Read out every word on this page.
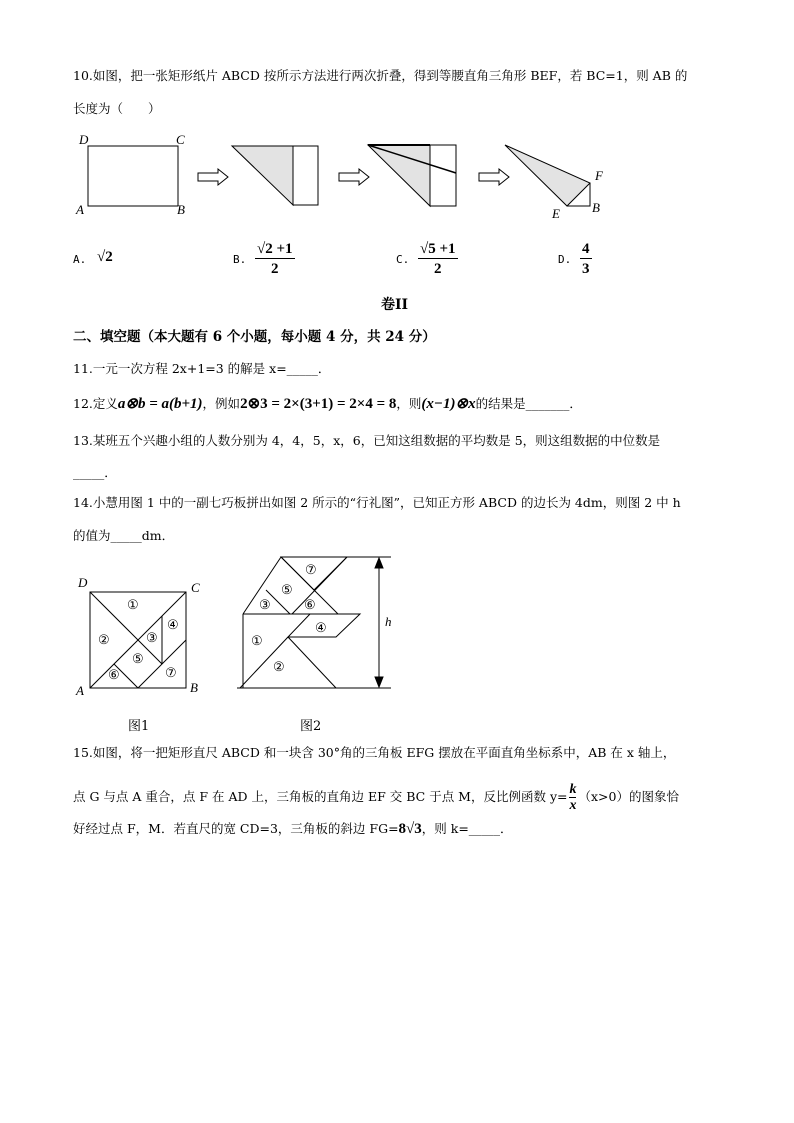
10.如图，把一张矩形纸片 ABCD 按所示方法进行两次折叠，得到等腰直角三角形 BEF，若 BC=1，则 AB 的
长度为（　　）
D	C
A	B
F
E B
A. √2	B. $\frac{√2 +1}{2}$	C. $\frac{√5 +1}{2}$	D. $\frac{4}{3}$
卷II
二、填空题（本大题有 6 个小题，每小题 4 分，共 24 分）
11.一元一次方程 2x+1=3 的解是 x=_____．
12.定义a⊗b = a(b+1)，例如2⊗3 = 2×(3+1) = 2×4 = 8，则(x−1)⊗x的结果是_______．
13.某班五个兴趣小组的人数分别为 4，4，5，x，6，已知这组数据的平均数是 5，则这组数据的中位数是
_____．
14.小慧用图 1 中的一副七巧板拼出如图 2 所示的“行礼图”，已知正方形 ABCD 的边长为 4dm，则图 2 中 h
的值为_____dm．
①
②	③
④
⑤
⑥	⑦
D	C
A	B
①
②
③
④
⑤
⑥
⑦
h
图1	图2
15.如图，将一把矩形直尺 ABCD 和一块含 30°角的三角板 EFG 摆放在平面直角坐标系中，AB 在 x 轴上，
点 G 与点 A 重合，点 F 在 AD 上，三角板的直角边 EF 交 BC 于点 M，反比例函数 $y= \frac{k}{x} (x>0)$的图象恰
好经过点 F，M．若直尺的宽 CD=3，三角板的斜边 FG=8√3，则 k=_____．
